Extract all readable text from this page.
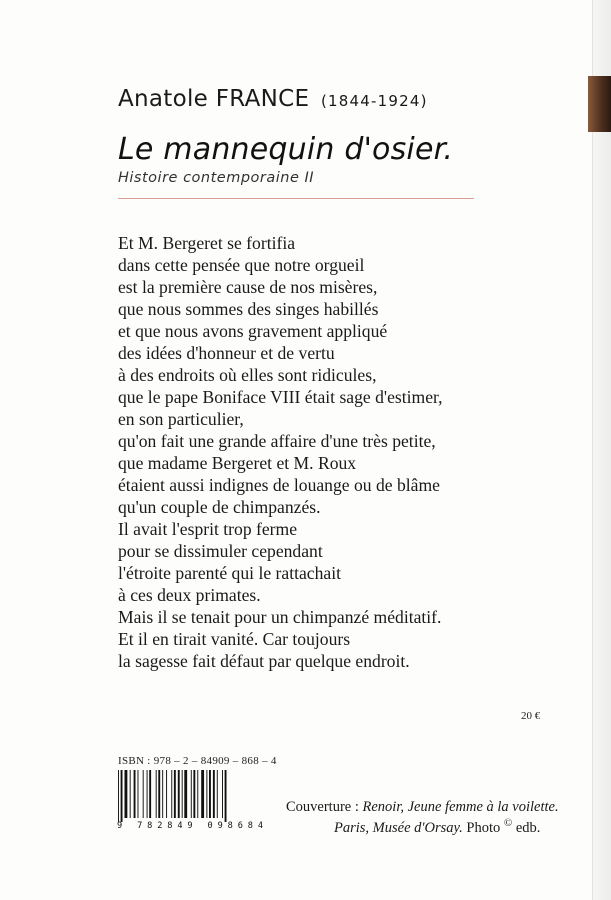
Anatole FRANCE (1844-1924)
Le mannequin d'osier.
Histoire contemporaine II
Et M. Bergeret se fortifia
dans cette pensée que notre orgueil
est la première cause de nos misères,
que nous sommes des singes habillés
et que nous avons gravement appliqué
des idées d'honneur et de vertu
à des endroits où elles sont ridicules,
que le pape Boniface VIII était sage d'estimer,
en son particulier,
qu'on fait une grande affaire d'une très petite,
que madame Bergeret et M. Roux
étaient aussi indignes de louange ou de blâme
qu'un couple de chimpanzés.
Il avait l'esprit trop ferme
pour se dissimuler cependant
l'étroite parenté qui le rattachait
à ces deux primates.
Mais il se tenait pour un chimpanzé méditatif.
Et il en tirait vanité. Car toujours
la sagesse fait défaut par quelque endroit.
20 €
ISBN : 978 – 2 – 84909 – 868 – 4
9 782849 098684
Couverture : Renoir, Jeune femme à la voilette.
Paris, Musée d'Orsay. Photo © edb.
